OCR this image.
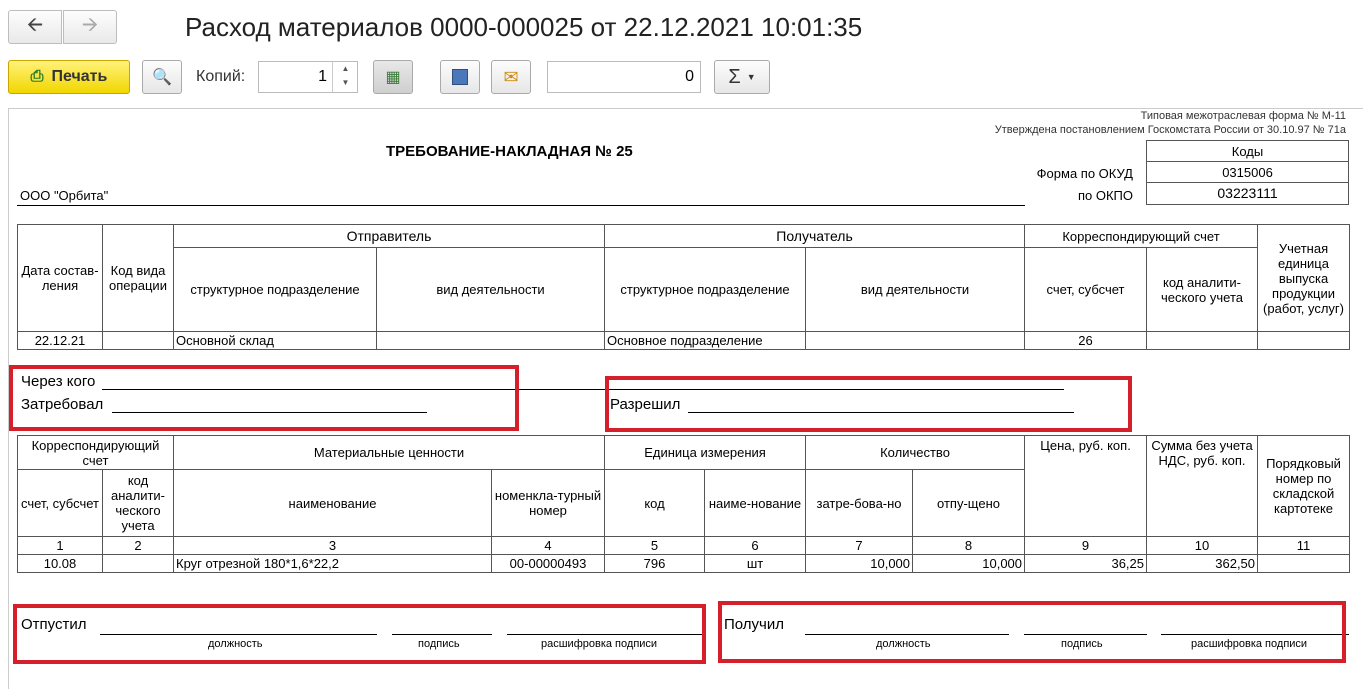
🡨 🡪	Расход материалов 0000-000025 от 22.12.2021 10:01:35
⎙ Печать	🔍 Копий:	1	▲
▼	▦	✉	0 Σ ▼
Типовая межотраслевая форма № М-11
Утверждена постановлением Госкомстата России от 30.10.97 № 71а
ТРЕБОВАНИЕ-НАКЛАДНАЯ № 25
ООО "Орбита"
Коды
0315006
03223111
Форма по ОКУД
по ОКПО
Дата состав-ления	Код вида операции	Отправитель		Получатель		Корреспондирующий счет		Учетная единица выпуска продукции (работ, услуг)
		структурное подразделение	вид деятельности	структурное подразделение	вид деятельности	счет, субсчет	код аналити-ческого учета	
22.12.21		Основной склад		Основное подразделение		26		
Через кого
Затребовал	Разрешил
Корреспондирующий счет		Материальные ценности		Единица измерения		Количество		Цена, руб. коп.	Сумма без учета НДС, руб. коп.	Порядковый номер по складской картотеке
счет, субсчет	код аналити-ческого учета	наименование	номенкла-турный номер	код	наиме-нование	затре-бова-но	отпу-щено			
1	2	3	4	5	6	7	8	9	10	11
10.08		Круг отрезной 180*1,6*22,2	00-00000493	796	шт	10,000	10,000	36,25	362,50	
Отпустил
должность	подпись	расшифровка подписи
Получил
должность	подпись	расшифровка подписи
